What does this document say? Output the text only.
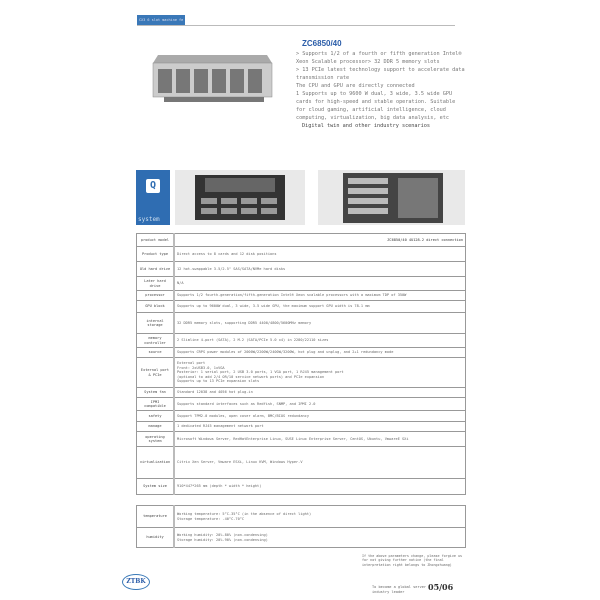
CX3 6 slot machine fe
ZC6850/40
> Supports 1/2 of a fourth or fifth generation Intel® Xeon Scalable processor> 32 DDR 5 memory slots
> 13 PCIe latest technology support to accelerate data transmission rate
The CPU and GPU are directly connected
1 Supports up to 9600 W dual, 3 wide, 3.5 wide GPU cards for high-speed and stable operation. Suitable for cloud gaming, artificial intelligence, cloud computing, virtualization, big data analysis, etc
Digital twin and other industry scenarios
Q
system
product model	ZC6850/40 4U128.2 direct connection
Product type	Direct access to 8 cards and 12 disk positions
Old hard drive	12 hot-swappable 3.5/2.5" SAS/SATA/NVMe hard disks
Later hard drive	N/A
processor	Supports 1/2 fourth-generation/fifth-generation Intel® Xeon scalable processors with a maximum TDP of 350W
GPU block	Supports up to 9600W dual, 3 wide, 3.5 wide GPU, the maximum support GPU width is 78.1 mm
internal storage	32 DDR5 memory slots, supporting DDR5 4400/4800/5600MHz memory
memory controller	2 Slimline 4-port (SATA), 2 M.2 (SATA/PCIe 5.0 x4) in 2280/22110 sizes
source	Supports CRPS power modules of 2000W/2200W/2400W/3200W, hot plug and unplug, and 2+1 redundancy mode
External port & PCIe	External port
Front: 2xUSB3.0, 1xVGA
Posterior: 1 serial port, 2 USB 3.0 ports, 1 VGA port, 1 RJ45 management port
(optional to add 2/4 OR/10 service network ports) and PCIe expansion
Supports up to 13 PCIe expansion slots
System fan	Standard 12038 and 4056 hot plug-in
IPMI compatible	Supports standard interfaces such as Redfish, SNMP, and IPMI 2.0
safety	Support TPM2.0 modules, open cover alarm, BMC/BIOS redundancy
manage	1 dedicated RJ45 management network port
operating system	Microsoft Windows Server, RedHatEnterprise Linux, SUSE Linux Enterprise Server, CentOS, Ubuntu, VmwareE SXi
virtualization	Citrix Xen Server, Vmware ESXi, Linux KVM, Windows Hyper-V
System size	910*447*265 mm (depth * width * height)
temperature	Working temperature: 5°C-35°C (in the absence of direct light)
Storage temperature: -40°C-70°C
humidity	Working humidity: 20%-80% (non-condensing)
Storage humidity: 20%-90% (non-condensing)
If the above parameters change, please forgive us for not giving further notice (the final interpretation right belongs to Zhongzhuang)
ZTBK
To become a global server industry leader	05/06
